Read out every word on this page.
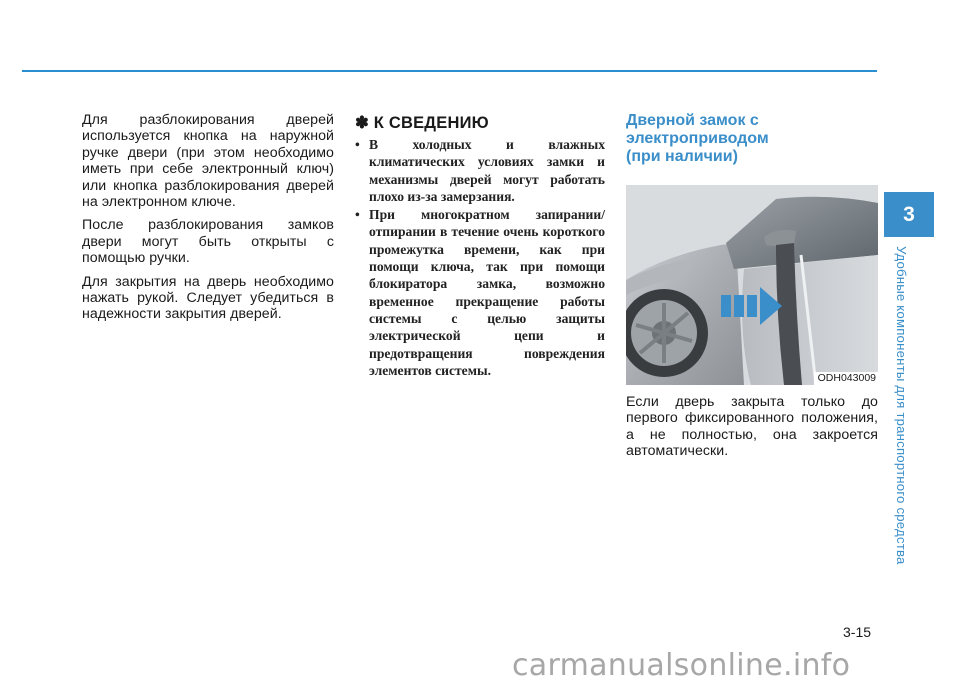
Для разблокирования дверей используется кнопка на наружной ручке двери (при этом необходимо иметь при себе электронный ключ) или кнопка разблокирования дверей на электронном ключе.

После разблокирования замков двери могут быть открыты с помощью ручки.

Для закрытия на дверь необходимо нажать рукой. Следует убедиться в надежности закрытия дверей.

✽ К СВЕДЕНИЮ
• В холодных и влажных климатических условиях замки и механизмы дверей могут работать плохо из-за замерзания.
• При многократном запирании/отпирании в течение очень короткого промежутка времени, как при помощи ключа, так при помощи блокиратора замка, возможно временное прекращение работы системы с целью защиты электрической цепи и предотвращения повреждения элементов системы.
Дверной замок с
электроприводом
(при наличии)
ODH043009

Если дверь закрыта только до первого фиксированного положения, а не полностью, она закроется автоматически.

3
Удобные компоненты для транспортного средства
3-15
carmanualsonline.info
